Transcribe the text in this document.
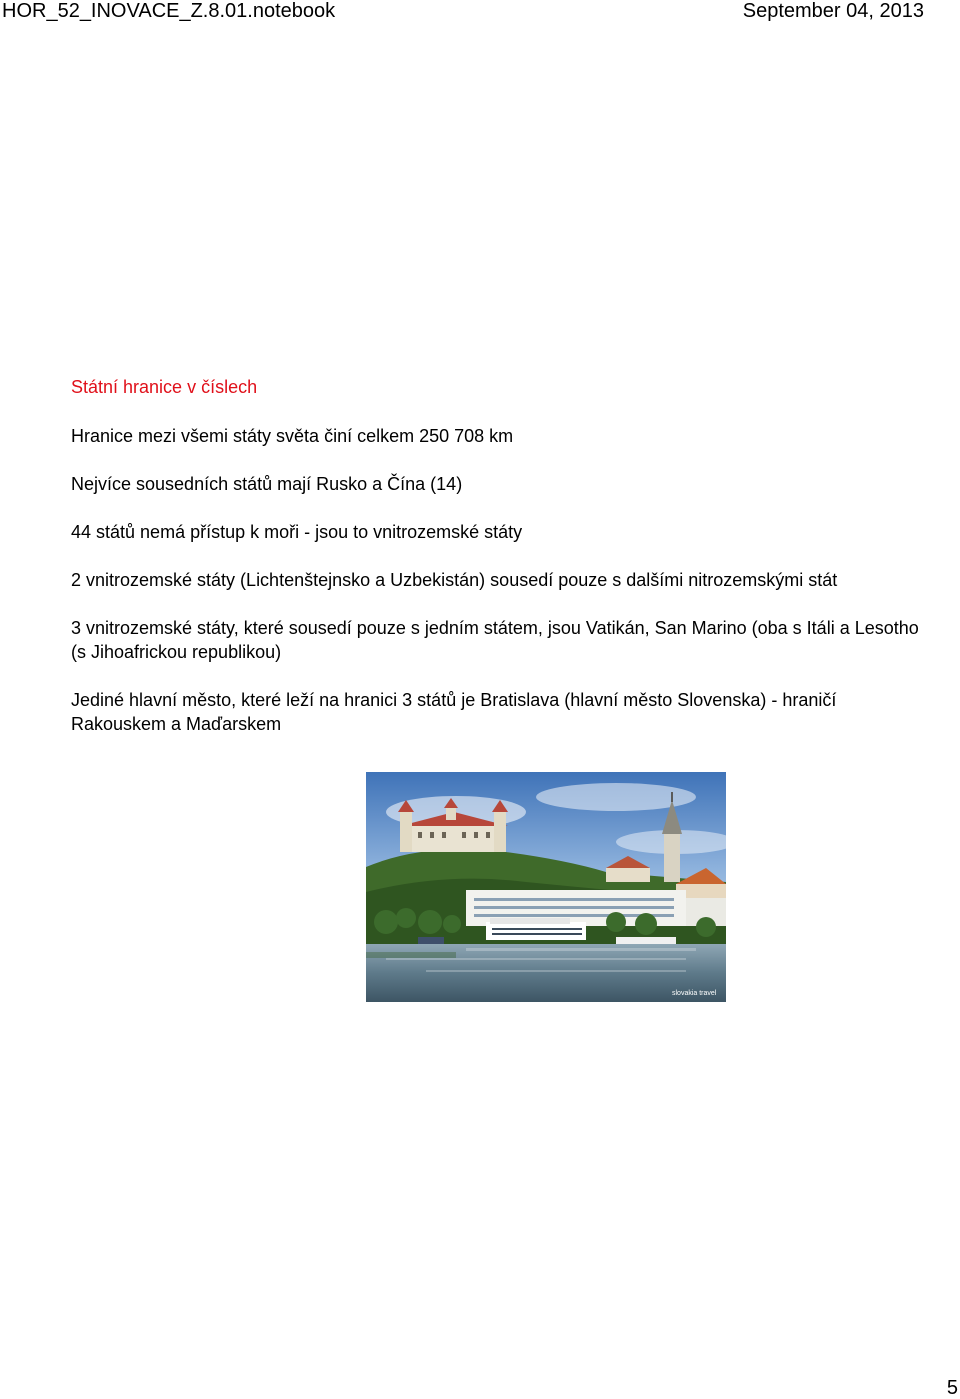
HOR_52_INOVACE_Z.8.01.notebook	September 04, 2013
Státní hranice v číslech
Hranice mezi všemi státy světa činí celkem 250 708 km
Nejvíce sousedních států mají Rusko a Čína (14)
44 států nemá přístup k moři - jsou to vnitrozemské státy
2 vnitrozemské státy (Lichtenštejnsko a Uzbekistán) sousedí pouze s dalšími nitrozemskými stát
3 vnitrozemské státy, které sousedí pouze s jedním státem, jsou Vatikán, San Marino (oba s Itáli a Lesotho (s Jihoafrickou republikou)
Jediné hlavní město, které leží na hranici 3 států je Bratislava (hlavní město Slovenska) - hraničí Rakouskem a Maďarskem
slovakia travel
5
